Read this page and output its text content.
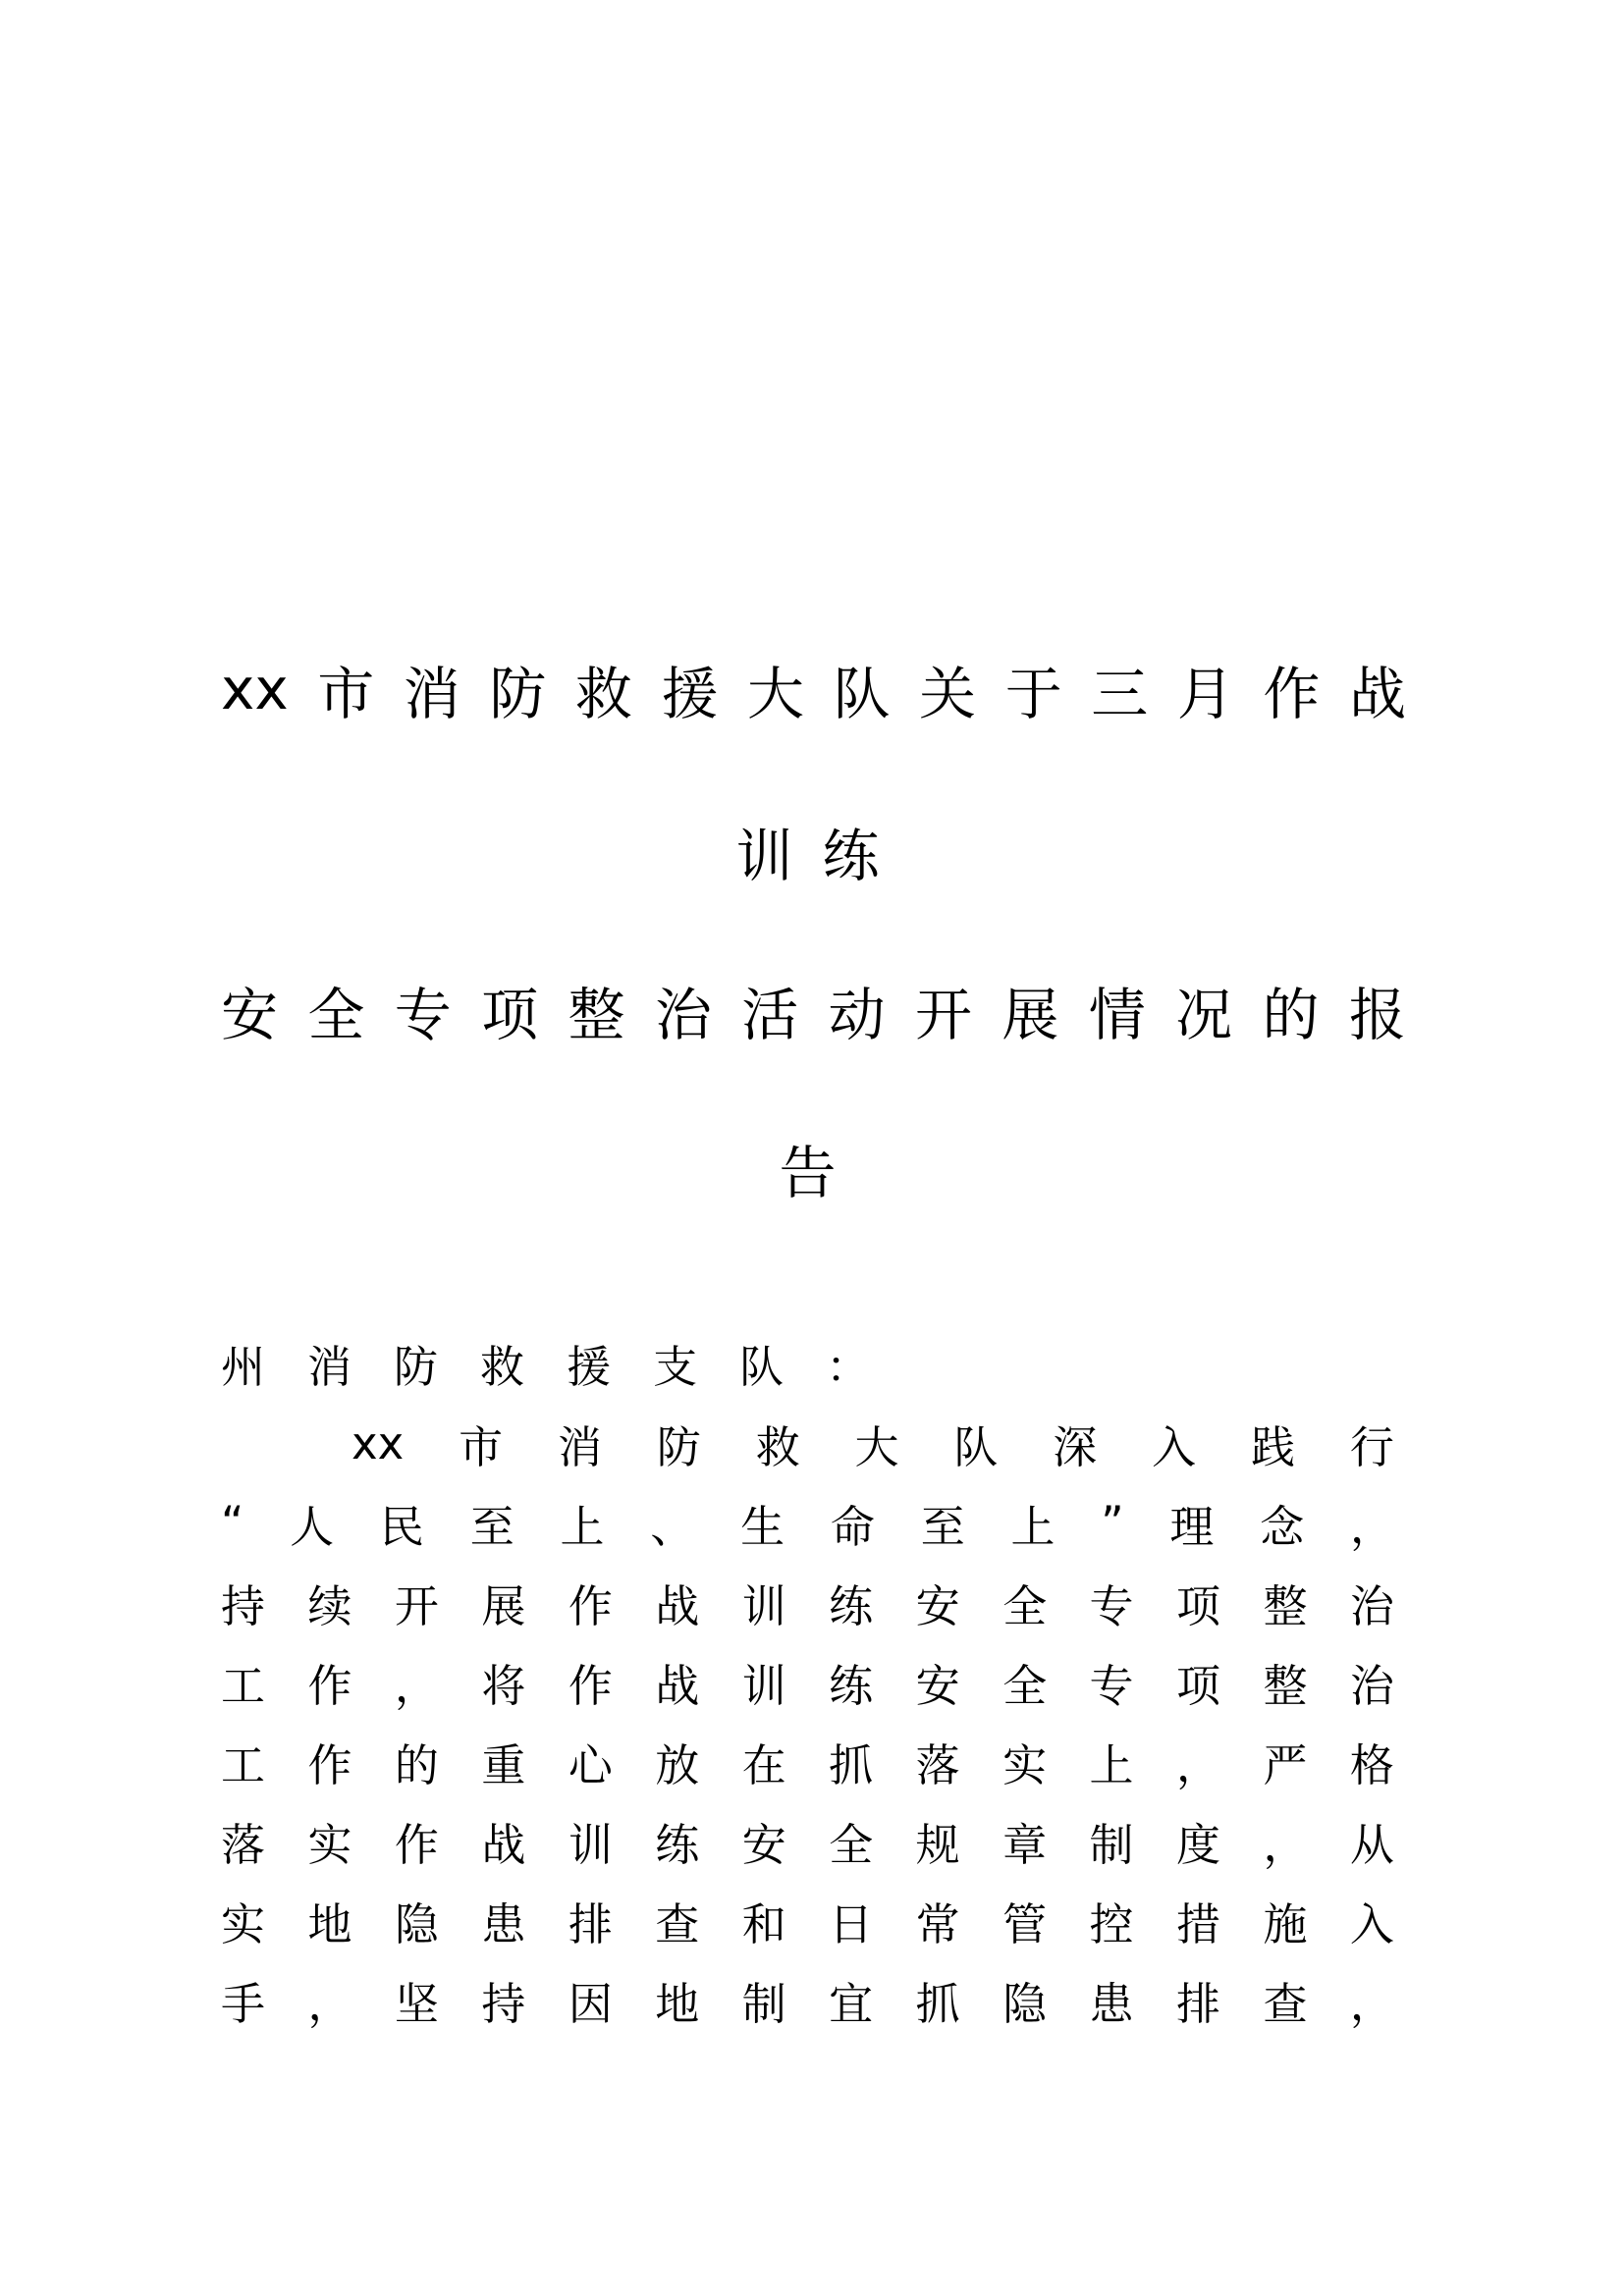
xx 市 消 防 救 援 大 队 关 于 三 月 作 战
训 练
安 全 专 项 整 治 活 动 开 展 情 况 的 报
告
州 消 防 救 援 支 队 ：
xx 市 消 防 救 大 队 深 入 践 行
“ 人 民 至 上 、 生 命 至 上 ” 理 念 ，
持 续 开 展 作 战 训 练 安 全 专 项 整 治
工 作 ， 将 作 战 训 练 安 全 专 项 整 治
工 作 的 重 心 放 在 抓 落 实 上 ， 严 格
落 实 作 战 训 练 安 全 规 章 制 度 ， 从
实 地 隐 患 排 查 和 日 常 管 控 措 施 入
手 ， 坚 持 因 地 制 宜 抓 隐 患 排 查 ，
